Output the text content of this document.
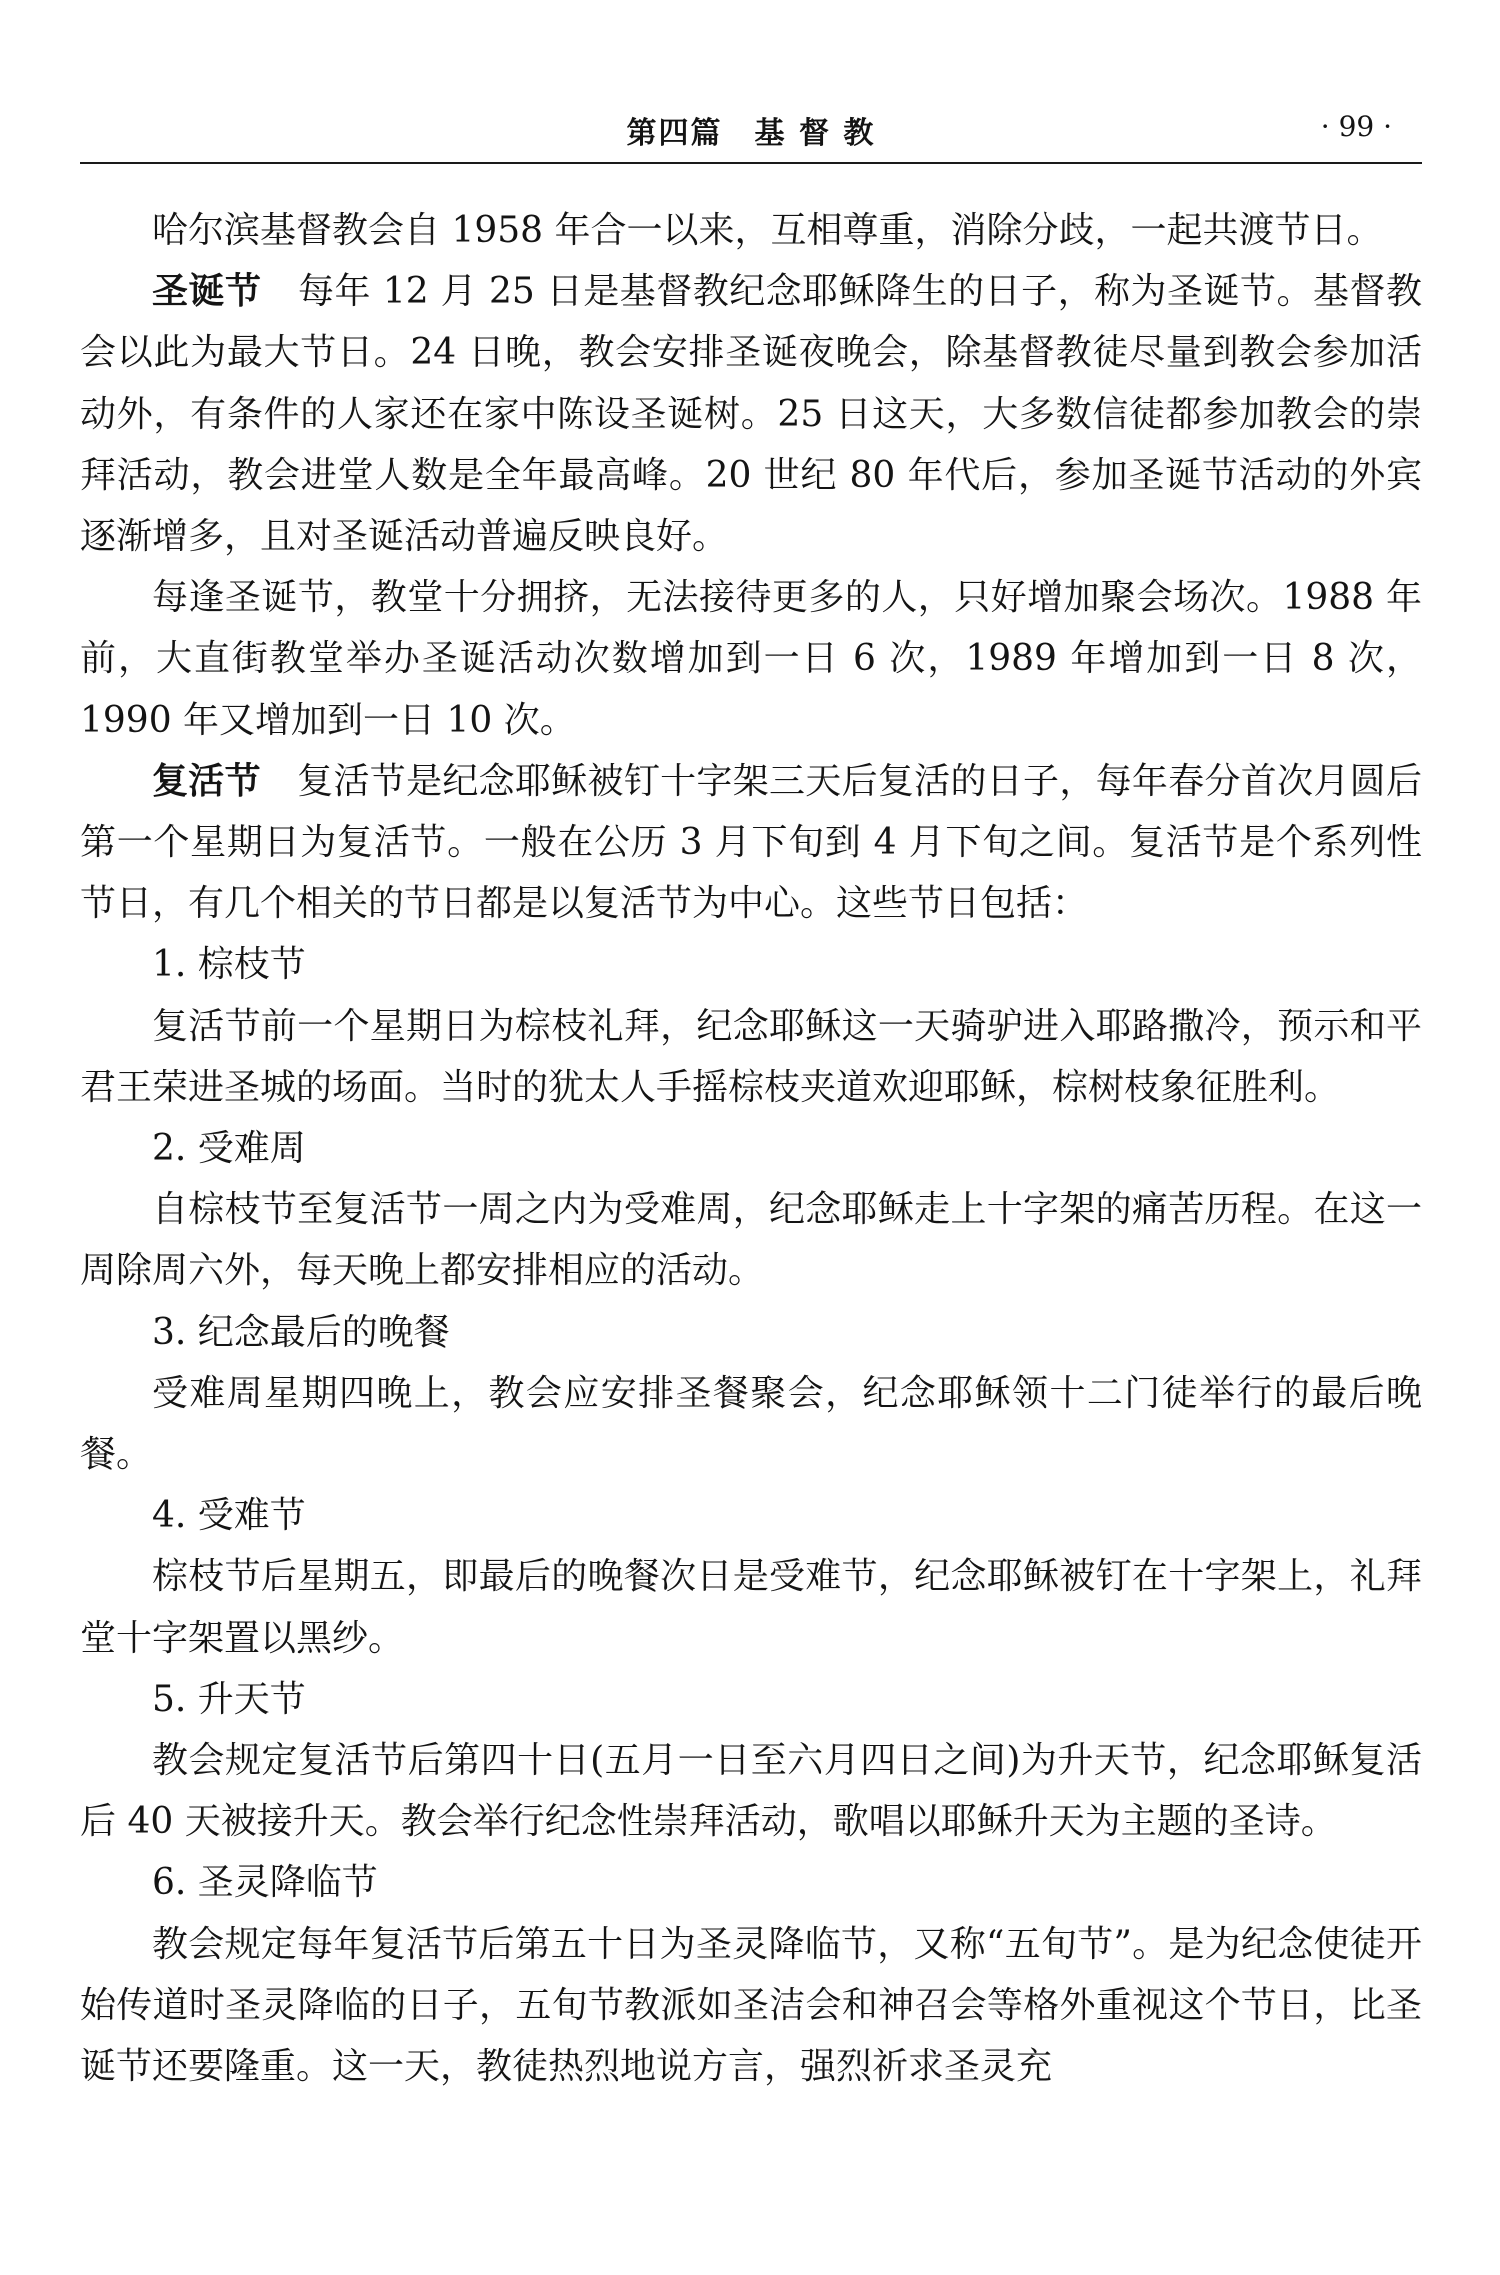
第四篇　基 督 教	· 99 ·

哈尔滨基督教会自 1958 年合一以来，互相尊重，消除分歧，一起共渡节日。

圣诞节　每年 12 月 25 日是基督教纪念耶稣降生的日子，称为圣诞节。基督教会以此为最大节日。24 日晚，教会安排圣诞夜晚会，除基督教徒尽量到教会参加活动外，有条件的人家还在家中陈设圣诞树。25 日这天，大多数信徒都参加教会的崇拜活动，教会进堂人数是全年最高峰。20 世纪 80 年代后，参加圣诞节活动的外宾逐渐增多，且对圣诞活动普遍反映良好。

每逢圣诞节，教堂十分拥挤，无法接待更多的人，只好增加聚会场次。1988 年前，大直街教堂举办圣诞活动次数增加到一日 6 次，1989 年增加到一日 8 次，1990 年又增加到一日 10 次。

复活节　复活节是纪念耶稣被钉十字架三天后复活的日子，每年春分首次月圆后第一个星期日为复活节。一般在公历 3 月下旬到 4 月下旬之间。复活节是个系列性节日，有几个相关的节日都是以复活节为中心。这些节日包括：

1. 棕枝节

复活节前一个星期日为棕枝礼拜，纪念耶稣这一天骑驴进入耶路撒冷，预示和平君王荣进圣城的场面。当时的犹太人手摇棕枝夹道欢迎耶稣，棕树枝象征胜利。

2. 受难周

自棕枝节至复活节一周之内为受难周，纪念耶稣走上十字架的痛苦历程。在这一周除周六外，每天晚上都安排相应的活动。

3. 纪念最后的晚餐

受难周星期四晚上，教会应安排圣餐聚会，纪念耶稣领十二门徒举行的最后晚餐。

4. 受难节

棕枝节后星期五，即最后的晚餐次日是受难节，纪念耶稣被钉在十字架上，礼拜堂十字架置以黑纱。

5. 升天节

教会规定复活节后第四十日(五月一日至六月四日之间)为升天节，纪念耶稣复活后 40 天被接升天。教会举行纪念性崇拜活动，歌唱以耶稣升天为主题的圣诗。

6. 圣灵降临节

教会规定每年复活节后第五十日为圣灵降临节，又称“五旬节”。是为纪念使徒开始传道时圣灵降临的日子，五旬节教派如圣洁会和神召会等格外重视这个节日，比圣诞节还要隆重。这一天，教徒热烈地说方言，强烈祈求圣灵充
